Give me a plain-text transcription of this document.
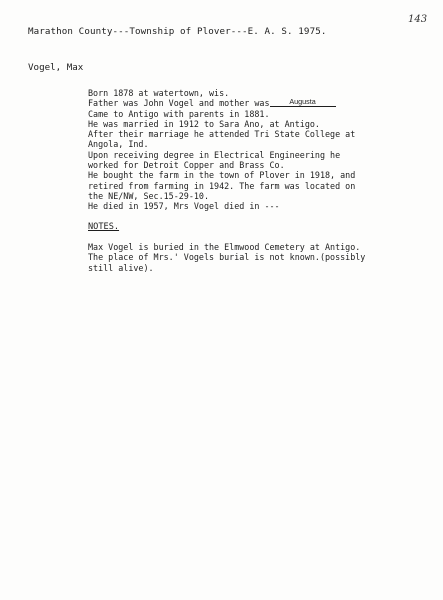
143
Marathon County---Township of Plover---E. A. S. 1975.
Vogel, Max
Born 1878 at watertown, wis.
Father was John Vogel and mother was	Augusta
Came to Antigo with parents in 1881.
He was married in 1912 to Sara Ano, at Antigo.
After their marriage he attended Tri State College at
Angola, Ind.
Upon receiving degree in Electrical Engineering he
worked for Detroit Copper and Brass Co.
He bought the farm in the town of Plover in 1918, and
retired from farming in 1942. The farm was located on
the NE/NW, Sec.15-29-10.
He died in 1957, Mrs Vogel died in ---
NOTES.
Max Vogel is buried in the Elmwood Cemetery at Antigo.
The place of Mrs.' Vogels burial is not known.(possibly
still alive).
